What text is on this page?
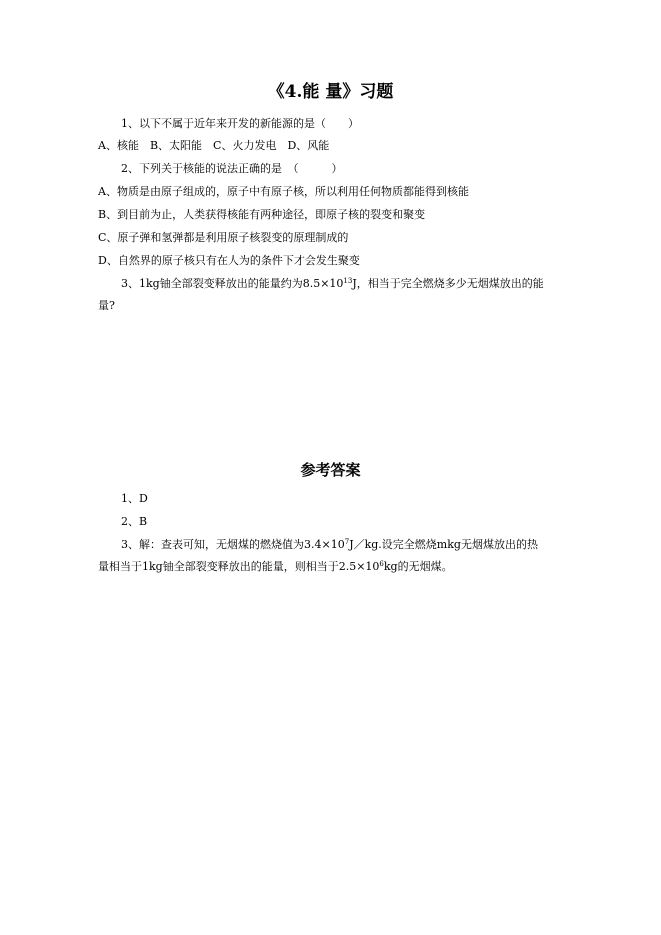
《4.能 量》习题
1、以下不属于近年来开发的新能源的是（　　）
A、核能　B、太阳能　C、火力发电　D、风能
2、下列关于核能的说法正确的是　（　　　）
A、物质是由原子组成的，原子中有原子核，所以利用任何物质都能得到核能
B、到目前为止，人类获得核能有两种途径，即原子核的裂变和聚变
C、原子弹和氢弹都是利用原子核裂变的原理制成的
D、自然界的原子核只有在人为的条件下才会发生聚变
3、1kg铀全部裂变释放出的能量约为$8.5\times 10^{13}J$，相当于完全燃烧多少无烟煤放出的能
量?
参考答案
1、D
2、B
3、解：查表可知，无烟煤的燃烧值为$3.4\times 10^7J/kg$.设完全燃烧mkg无烟煤放出的热
量相当于1kg铀全部裂变释放出的能量，则相当于$2.5\times 10^6kg$的无烟煤。
